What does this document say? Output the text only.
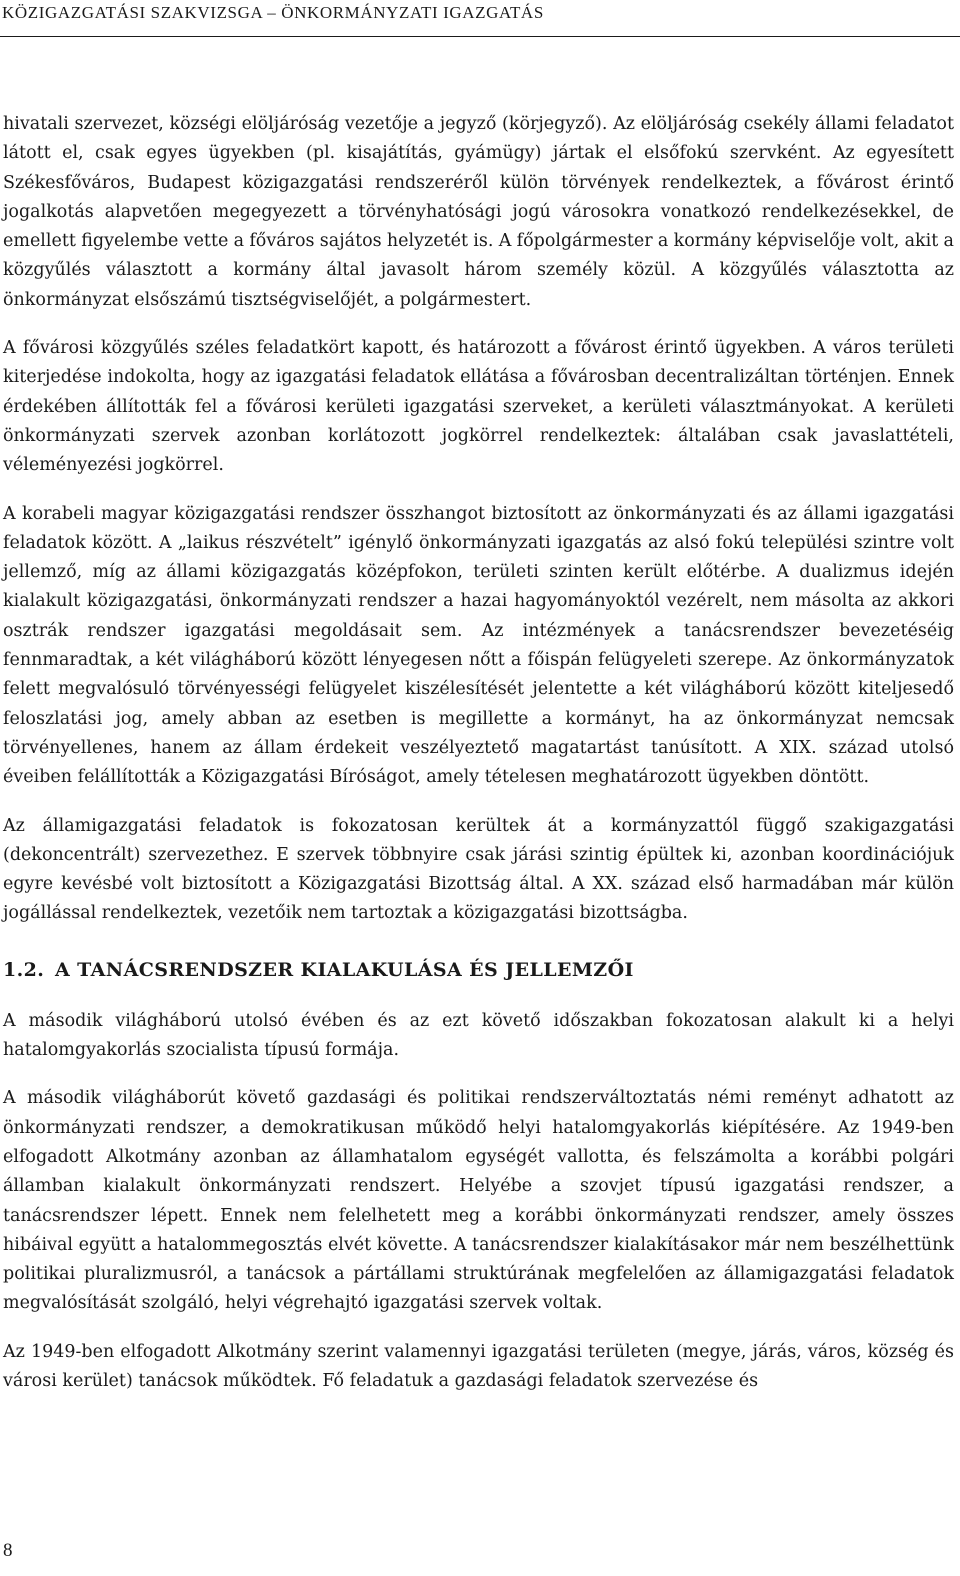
KÖZIGAZGATÁSI SZAKVIZSGA – ÖNKORMÁNYZATI IGAZGATÁS

hivatali szervezet, községi elöljáróság vezetője a jegyző (körjegyző). Az elöljáróság csekély állami feladatot látott el, csak egyes ügyekben (pl. kisajátítás, gyámügy) jártak el elsőfokú szervként. Az egyesített Székesfőváros, Budapest közigazgatási rendszeréről külön törvények rendelkeztek, a fővárost érintő jogalkotás alapvetően megegyezett a törvényhatósági jogú városokra vonatkozó rendelkezésekkel, de emellett figyelembe vette a főváros sajátos helyzetét is. A főpolgármester a kormány képviselője volt, akit a közgyűlés választott a kormány által javasolt három személy közül. A közgyűlés választotta az önkormányzat elsőszámú tisztségviselőjét, a polgármestert.

A fővárosi közgyűlés széles feladatkört kapott, és határozott a fővárost érintő ügyekben. A város területi kiterjedése indokolta, hogy az igazgatási feladatok ellátása a fővárosban decentralizáltan történjen. Ennek érdekében állították fel a fővárosi kerületi igazgatási szerveket, a kerületi választmányokat. A kerületi önkormányzati szervek azonban korlátozott jogkörrel rendelkeztek: általában csak javaslattételi, véleményezési jogkörrel.

A korabeli magyar közigazgatási rendszer összhangot biztosított az önkormányzati és az állami igazgatási feladatok között. A „laikus részvételt” igénylő önkormányzati igazgatás az alsó fokú települési szintre volt jellemző, míg az állami közigazgatás középfokon, területi szinten került előtérbe. A dualizmus idején kialakult közigazgatási, önkormányzati rendszer a hazai hagyományoktól vezérelt, nem másolta az akkori osztrák rendszer igazgatási megoldásait sem. Az intézmények a tanácsrendszer bevezetéséig fennmaradtak, a két világháború között lényegesen nőtt a főispán felügyeleti szerepe. Az önkormányzatok felett megvalósuló törvényességi felügyelet kiszélesítését jelentette a két világháború között kiteljesedő feloszlatási jog, amely abban az esetben is megillette a kormányt, ha az önkormányzat nemcsak törvényellenes, hanem az állam érdekeit veszélyeztető magatartást tanúsított. A XIX. század utolsó éveiben felállították a Közigazgatási Bíróságot, amely tételesen meghatározott ügyekben döntött.

Az államigazgatási feladatok is fokozatosan kerültek át a kormányzattól függő szakigazgatási (dekoncentrált) szervezethez. E szervek többnyire csak járási szintig épültek ki, azonban koordinációjuk egyre kevésbé volt biztosított a Közigazgatási Bizottság által. A XX. század első harmadában már külön jogállással rendelkeztek, vezetőik nem tartoztak a közigazgatási bizottságba.

1.2. A TANÁCSRENDSZER KIALAKULÁSA ÉS JELLEMZŐI

A második világháború utolsó évében és az ezt követő időszakban fokozatosan alakult ki a helyi hatalomgyakorlás szocialista típusú formája.

A második világháborút követő gazdasági és politikai rendszerváltoztatás némi reményt adhatott az önkormányzati rendszer, a demokratikusan működő helyi hatalomgyakorlás kiépítésére. Az 1949-ben elfogadott Alkotmány azonban az államhatalom egységét vallotta, és felszámolta a korábbi polgári államban kialakult önkormányzati rendszert. Helyébe a szovjet típusú igazgatási rendszer, a tanácsrendszer lépett. Ennek nem felelhetett meg a korábbi önkormányzati rendszer, amely összes hibáival együtt a hatalommegosztás elvét követte. A tanácsrendszer kialakításakor már nem beszélhettünk politikai pluralizmusról, a tanácsok a pártállami struktúrának megfelelően az államigazgatási feladatok megvalósítását szolgáló, helyi végrehajtó igazgatási szervek voltak.

Az 1949-ben elfogadott Alkotmány szerint valamennyi igazgatási területen (megye, járás, város, község és városi kerület) tanácsok működtek. Fő feladatuk a gazdasági feladatok szervezése és

8
